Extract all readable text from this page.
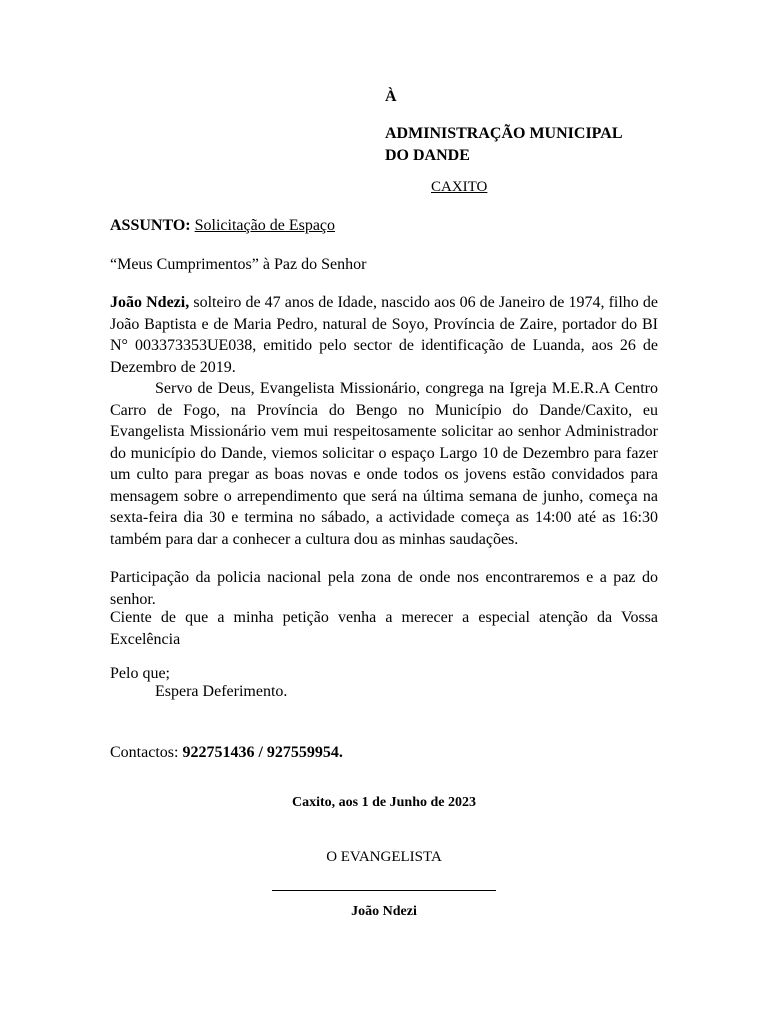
À
ADMINISTRAÇÃO MUNICIPAL
DO DANDE
CAXITO
ASSUNTO: Solicitação de Espaço
“Meus Cumprimentos” à Paz do Senhor
João Ndezi, solteiro de 47 anos de Idade, nascido aos 06 de Janeiro de 1974, filho de João Baptista e de Maria Pedro, natural de Soyo, Província de Zaire, portador do BI N° 003373353UE038, emitido pelo sector de identificação de Luanda, aos 26 de Dezembro de 2019.
Servo de Deus, Evangelista Missionário, congrega na Igreja M.E.R.A Centro Carro de Fogo, na Província do Bengo no Município do Dande/Caxito, eu Evangelista Missionário vem mui respeitosamente solicitar ao senhor Administrador do município do Dande, viemos solicitar o espaço Largo 10 de Dezembro para fazer um culto para pregar as boas novas e onde todos os jovens estão convidados para mensagem sobre o arrependimento que será na última semana de junho, começa na sexta-feira dia 30 e termina no sábado, a actividade começa as 14:00 até as 16:30 também para dar a conhecer a cultura dou as minhas saudações.
Participação da policia nacional pela zona de onde nos encontraremos e a paz do senhor.
Ciente de que a minha petição venha a merecer a especial atenção da Vossa Excelência
Pelo que;
Espera Deferimento.
Contactos: 922751436 / 927559954.
Caxito, aos 1 de Junho de 2023
O EVANGELISTA
João Ndezi
